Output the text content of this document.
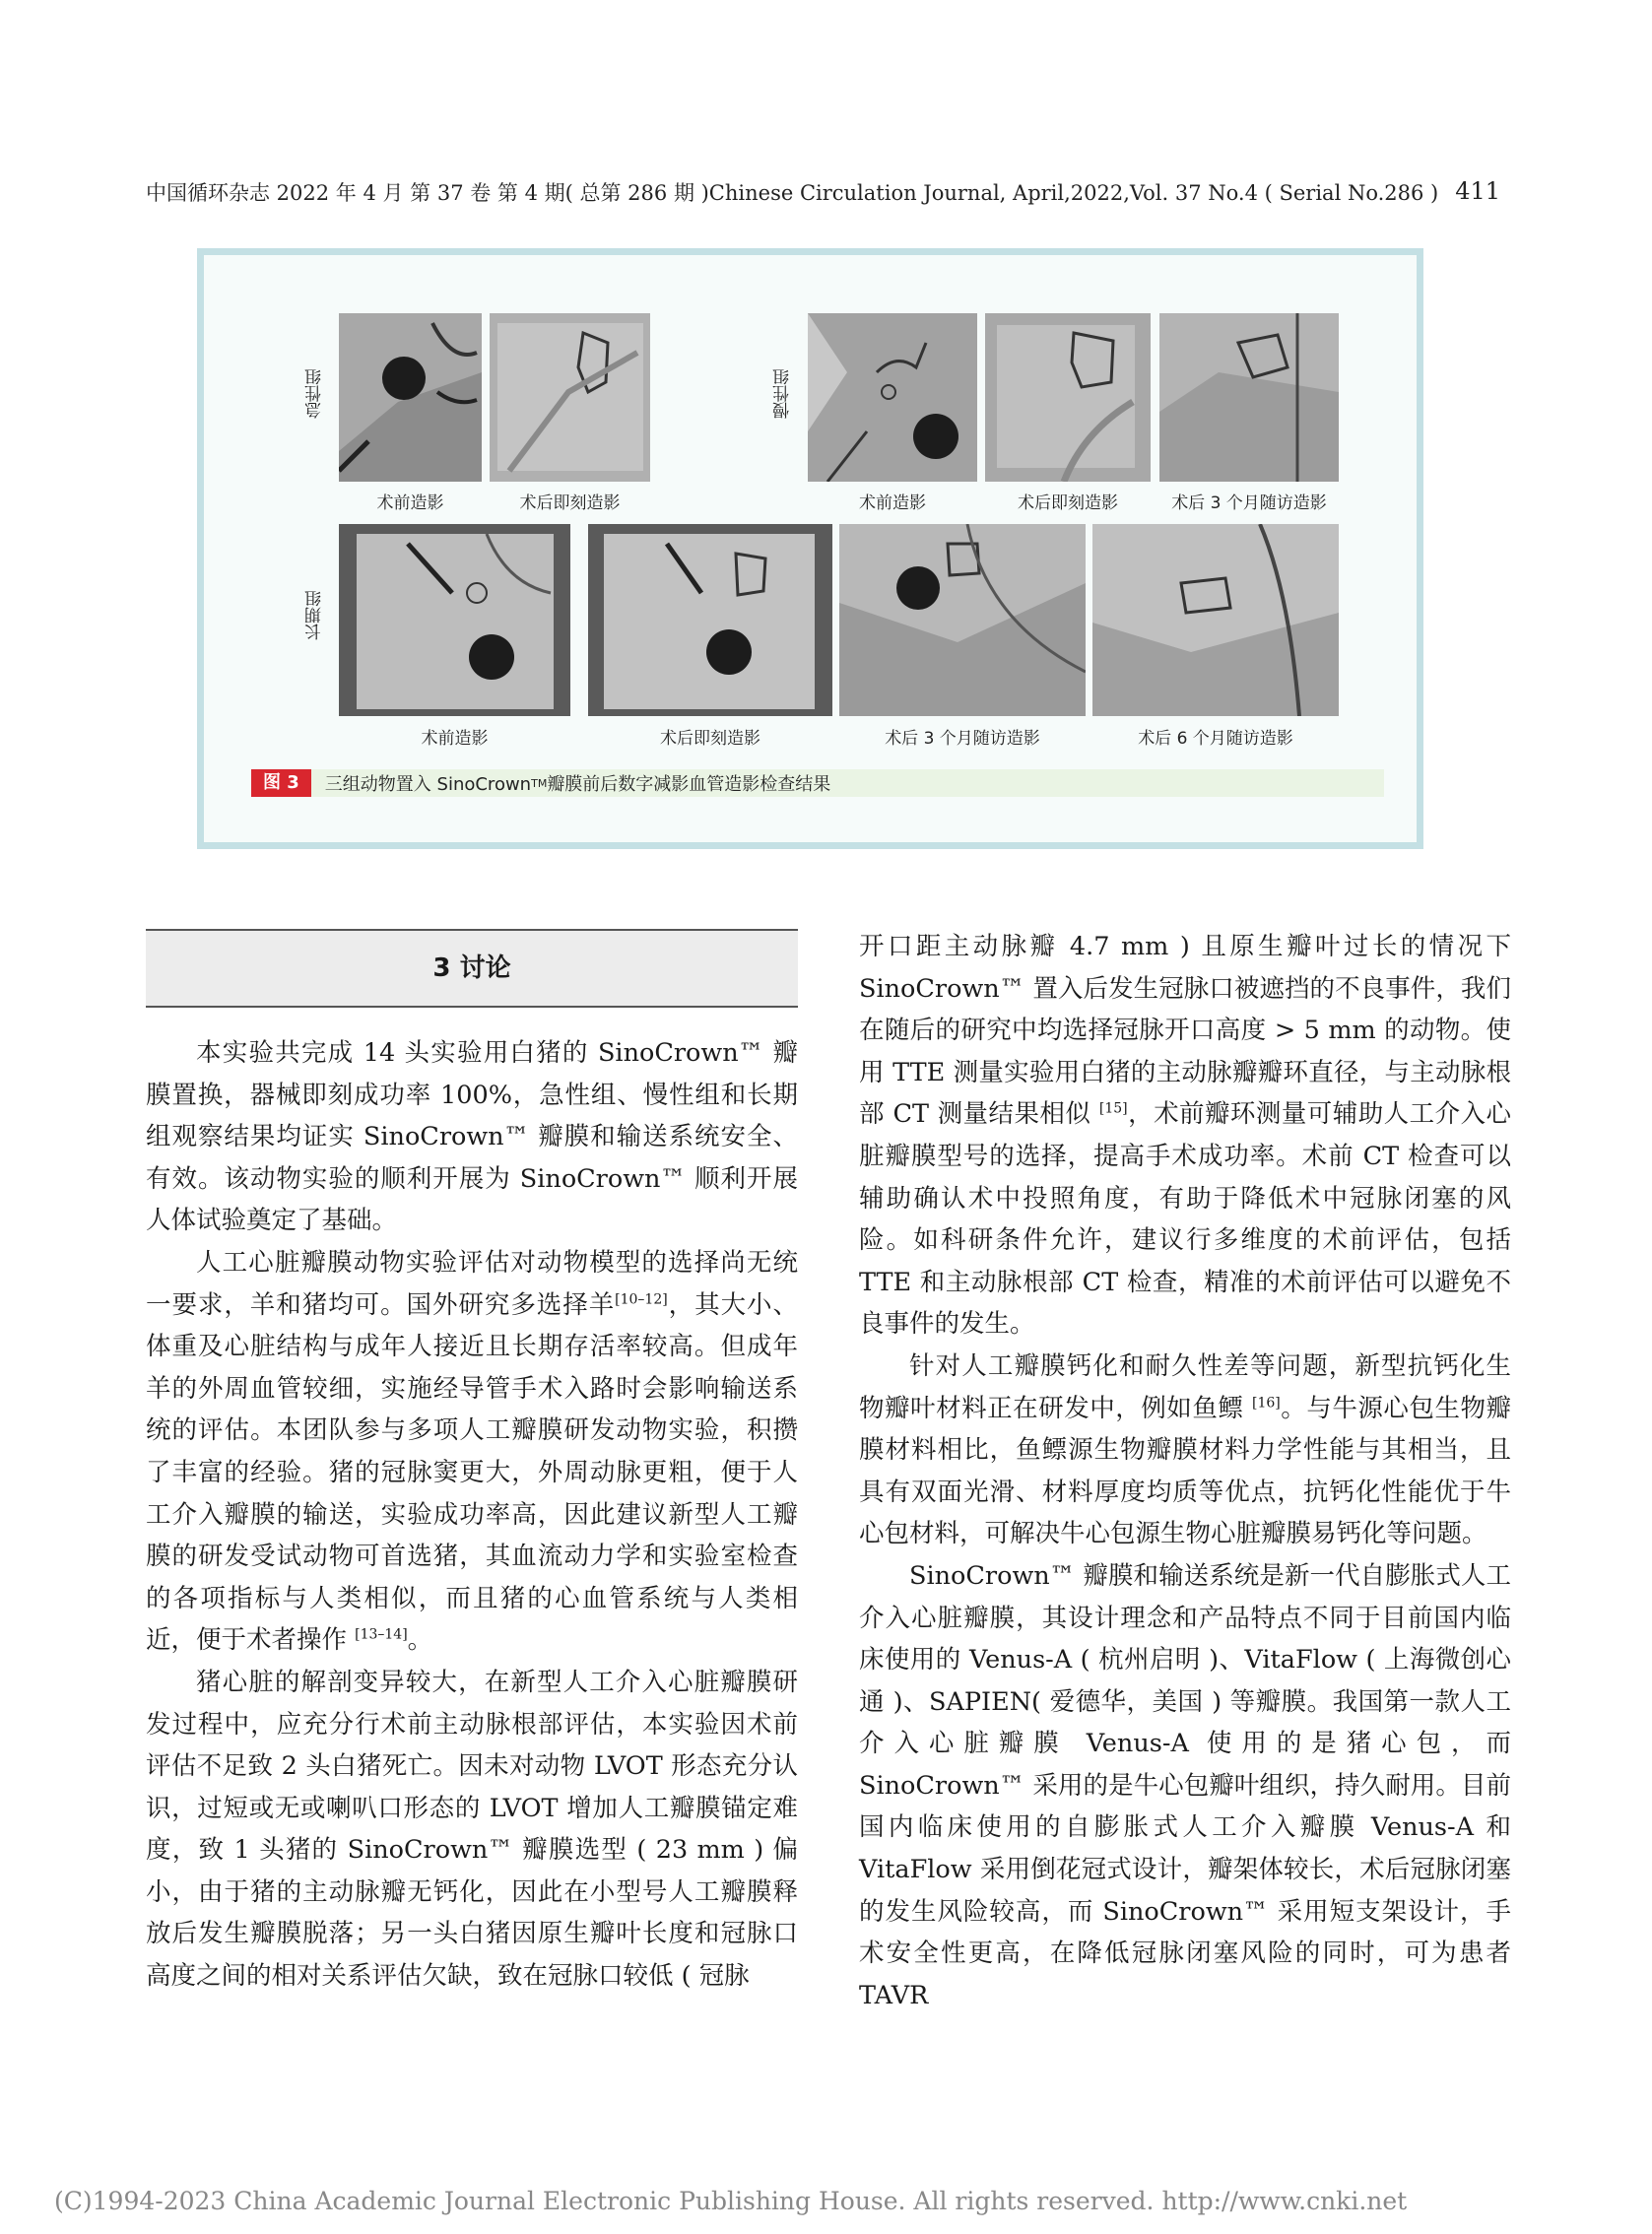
中国循环杂志 2022 年 4 月 第 37 卷 第 4 期( 总第 286 期 )Chinese Circulation Journal, April,2022,Vol. 37 No.4 ( Serial No.286 ) 411
急性组
术前造影	术后即刻造影
慢性组
术前造影	术后即刻造影	术后 3 个月随访造影
长期组
术前造影	术后即刻造影	术后 3 个月随访造影	术后 6 个月随访造影
图 3	三组动物置入 SinoCrown TM 瓣膜前后数字减影血管造影检查结果
3 讨论

本实验共完成 14 头实验用白猪的 SinoCrown™ 瓣膜置换，器械即刻成功率 100%，急性组、慢性组和长期组观察结果均证实 SinoCrown™ 瓣膜和输送系统安全、有效。该动物实验的顺利开展为 SinoCrown™ 顺利开展人体试验奠定了基础。

人工心脏瓣膜动物实验评估对动物模型的选择尚无统一要求，羊和猪均可。国外研究多选择羊[10–12]，其大小、体重及心脏结构与成年人接近且长期存活率较高。但成年羊的外周血管较细，实施经导管手术入路时会影响输送系统的评估。本团队参与多项人工瓣膜研发动物实验，积攒了丰富的经验。猪的冠脉窦更大，外周动脉更粗，便于人工介入瓣膜的输送，实验成功率高，因此建议新型人工瓣膜的研发受试动物可首选猪，其血流动力学和实验室检查的各项指标与人类相似，而且猪的心血管系统与人类相近，便于术者操作 [13–14]。

猪心脏的解剖变异较大，在新型人工介入心脏瓣膜研发过程中，应充分行术前主动脉根部评估，本实验因术前评估不足致 2 头白猪死亡。因未对动物 LVOT 形态充分认识，过短或无或喇叭口形态的 LVOT 增加人工瓣膜锚定难度，致 1 头猪的 SinoCrown™ 瓣膜选型 ( 23 mm ) 偏小，由于猪的主动脉瓣无钙化，因此在小型号人工瓣膜释放后发生瓣膜脱落；另一头白猪因原生瓣叶长度和冠脉口高度之间的相对关系评估欠缺，致在冠脉口较低 ( 冠脉

开口距主动脉瓣 4.7 mm ) 且原生瓣叶过长的情况下 SinoCrown™ 置入后发生冠脉口被遮挡的不良事件，我们在随后的研究中均选择冠脉开口高度 > 5 mm 的动物。使用 TTE 测量实验用白猪的主动脉瓣瓣环直径，与主动脉根部 CT 测量结果相似 [15]，术前瓣环测量可辅助人工介入心脏瓣膜型号的选择，提高手术成功率。术前 CT 检查可以辅助确认术中投照角度，有助于降低术中冠脉闭塞的风险。如科研条件允许，建议行多维度的术前评估，包括 TTE 和主动脉根部 CT 检查，精准的术前评估可以避免不良事件的发生。

针对人工瓣膜钙化和耐久性差等问题，新型抗钙化生物瓣叶材料正在研发中，例如鱼鳔 [16]。与牛源心包生物瓣膜材料相比，鱼鳔源生物瓣膜材料力学性能与其相当，且具有双面光滑、材料厚度均质等优点，抗钙化性能优于牛心包材料，可解决牛心包源生物心脏瓣膜易钙化等问题。

SinoCrown™ 瓣膜和输送系统是新一代自膨胀式人工介入心脏瓣膜，其设计理念和产品特点不同于目前国内临床使用的 Venus-A ( 杭州启明 )、VitaFlow ( 上海微创心通 )、SAPIEN( 爱德华，美国 ) 等瓣膜。我国第一款人工介入心脏瓣膜 Venus-A 使用的是猪心包，而 SinoCrown™ 采用的是牛心包瓣叶组织，持久耐用。目前国内临床使用的自膨胀式人工介入瓣膜 Venus-A 和 VitaFlow 采用倒花冠式设计，瓣架体较长，术后冠脉闭塞的发生风险较高，而 SinoCrown™ 采用短支架设计，手术安全性更高，在降低冠脉闭塞风险的同时，可为患者 TAVR

(C)1994-2023 China Academic Journal Electronic Publishing House. All rights reserved. http://www.cnki.net
